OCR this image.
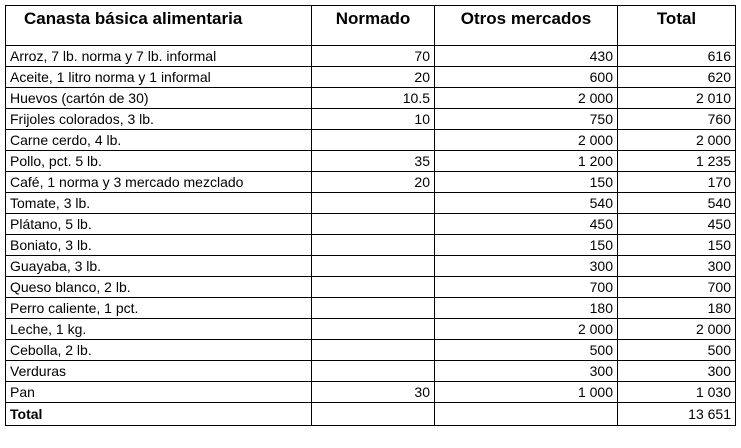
Canasta básica alimentaria	Normado	Otros mercados	Total
Arroz, 7 lb. norma y 7 lb. informal	70	430	616
Aceite, 1 litro norma y 1 informal	20	600	620
Huevos (cartón de 30)	10.5	2 000	2 010
Frijoles colorados, 3 lb.	10	750	760
Carne cerdo, 4 lb.		2 000	2 000
Pollo, pct. 5 lb.	35	1 200	1 235
Café, 1 norma y 3 mercado mezclado	20	150	170
Tomate, 3 lb.		540	540
Plátano, 5 lb.		450	450
Boniato, 3 lb.		150	150
Guayaba, 3 lb.		300	300
Queso blanco, 2 lb.		700	700
Perro caliente, 1 pct.		180	180
Leche, 1 kg.		2 000	2 000
Cebolla, 2 lb.		500	500
Verduras		300	300
Pan	30	1 000	1 030
Total			13 651
